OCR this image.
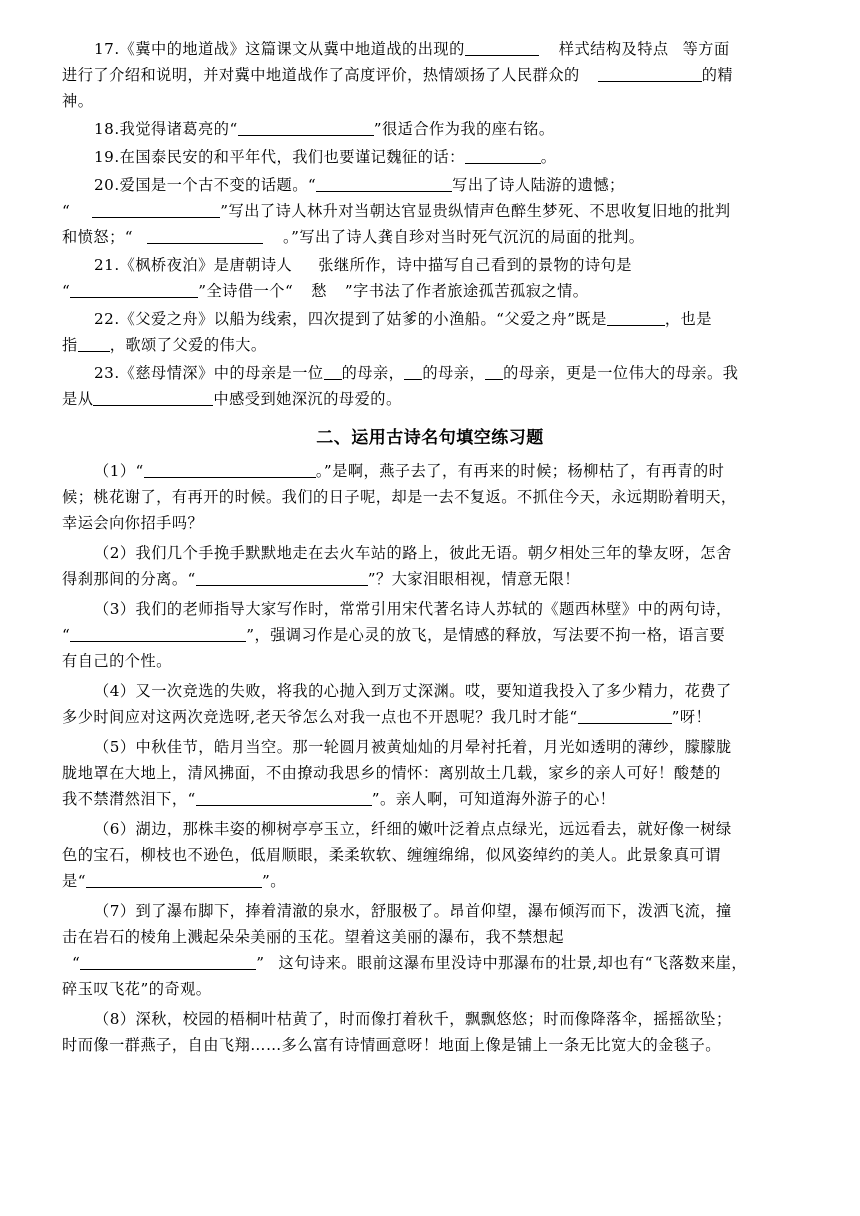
17.《冀中的地道战》这篇课文从冀中地道战的出现的	样式结构及特点 等方面
进行了介绍和说明，并对冀中地道战作了高度评价，热情颂扬了人民群众的	的精
神。
18.我觉得诸葛亮的“	”很适合作为我的座右铭。
19.在国泰民安的和平年代，我们也要谨记魏征的话：	。
20.爱国是一个古不变的话题。“	写出了诗人陆游的遗憾；
“	”写出了诗人林升对当朝达官显贵纵情声色醉生梦死、不思收复旧地的批判
和愤怒；“	。”写出了诗人龚自珍对当时死气沉沉的局面的批判。
21.《枫桥夜泊》是唐朝诗人 张继所作，诗中描写自己看到的景物的诗句是
“	”全诗借一个“ 愁 ”字书法了作者旅途孤苦孤寂之情。
22.《父爱之舟》以船为线索，四次提到了姑爹的小渔船。“父爱之舟”既是	，也是
指 ，歌颂了父爱的伟大。
23.《慈母情深》中的母亲是一位 的母亲， 的母亲， 的母亲，更是一位伟大的母亲。我
是从	中感受到她深沉的母爱的。
二、运用古诗名句填空练习题
（1）“	。”是啊，燕子去了，有再来的时候；杨柳枯了，有再青的时
候；桃花谢了，有再开的时候。我们的日子呢，却是一去不复返。不抓住今天，永远期盼着明天，
幸运会向你招手吗？
（2）我们几个手挽手默默地走在去火车站的路上，彼此无语。朝夕相处三年的挚友呀，怎舍
得刹那间的分离。“	”？大家泪眼相视，情意无限！
（3）我们的老师指导大家写作时，常常引用宋代著名诗人苏轼的《题西林壁》中的两句诗，
“	”，强调习作是心灵的放飞，是情感的释放，写法要不拘一格，语言要
有自己的个性。
（4）又一次竞选的失败，将我的心抛入到万丈深渊。哎，要知道我投入了多少精力，花费了
多少时间应对这两次竞选呀,老天爷怎么对我一点也不开恩呢？我几时才能“	”呀！
（5）中秋佳节，皓月当空。那一轮圆月被黄灿灿的月晕衬托着，月光如透明的薄纱，朦朦胧
胧地罩在大地上，清风拂面，不由撩动我思乡的情怀：离别故土几载，家乡的亲人可好！酸楚的
我不禁潸然泪下，“	”。亲人啊，可知道海外游子的心！
（6）湖边，那株丰姿的柳树亭亭玉立，纤细的嫩叶泛着点点绿光，远远看去，就好像一树绿
色的宝石，柳枝也不逊色，低眉顺眼，柔柔软软、缠缠绵绵，似风姿绰约的美人。此景象真可谓
是“	”。
（7）到了瀑布脚下，捧着清澈的泉水，舒服极了。昂首仰望，瀑布倾泻而下，泼洒飞流，撞
击在岩石的棱角上溅起朵朵美丽的玉花。望着这美丽的瀑布，我不禁想起
“	” 这句诗来。眼前这瀑布里没诗中那瀑布的壮景,却也有“飞落数来崖，
碎玉叹飞花”的奇观。
（8）深秋，校园的梧桐叶枯黄了，时而像打着秋千，飘飘悠悠；时而像降落伞，摇摇欲坠；
时而像一群燕子，自由飞翔……多么富有诗情画意呀！地面上像是铺上一条无比宽大的金毯子。
